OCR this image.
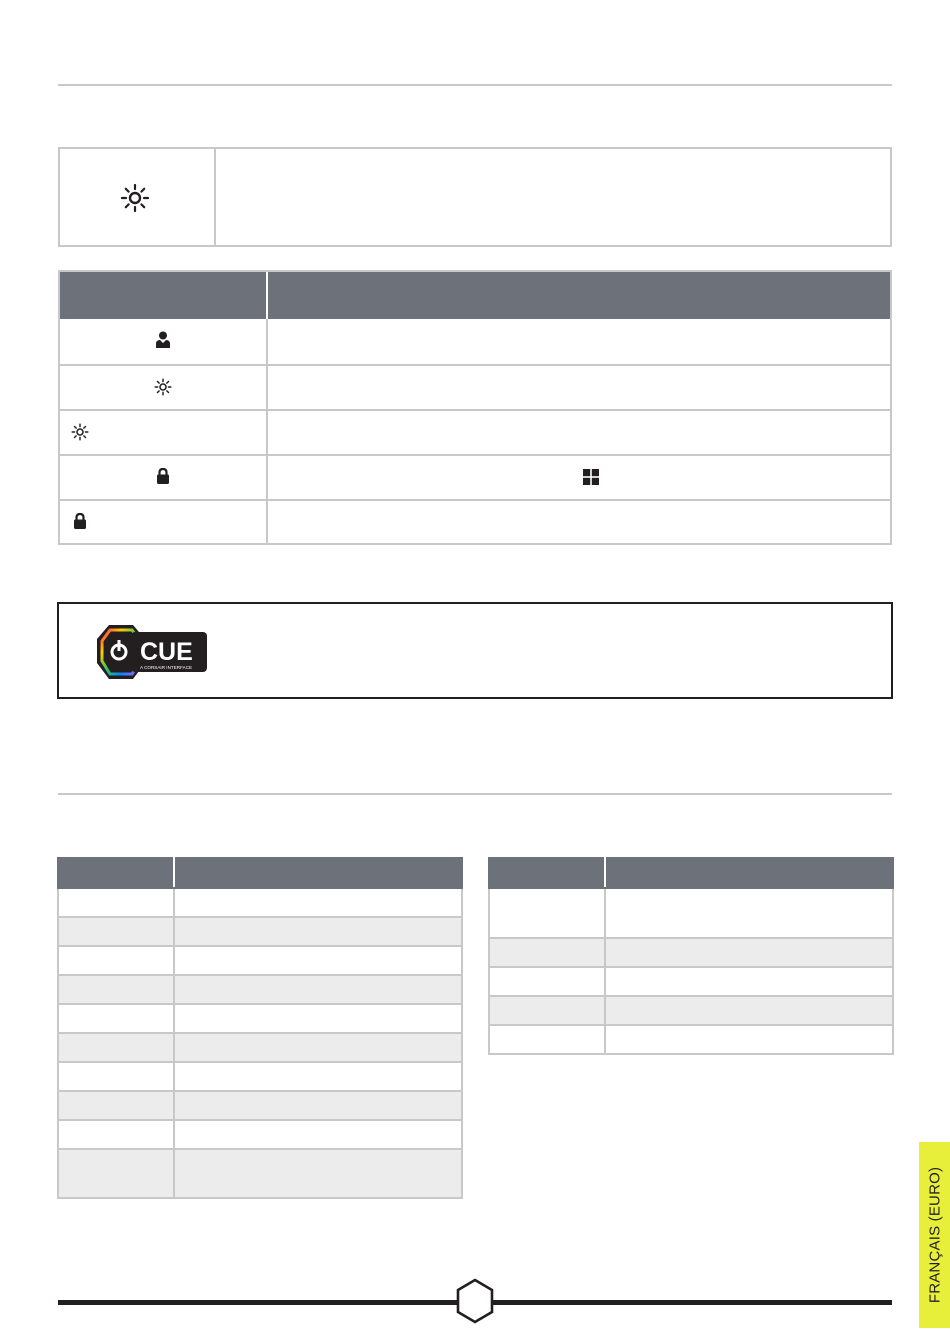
CUE
A CORSAIR INTERFACE

FRANÇAIS (EURO)
